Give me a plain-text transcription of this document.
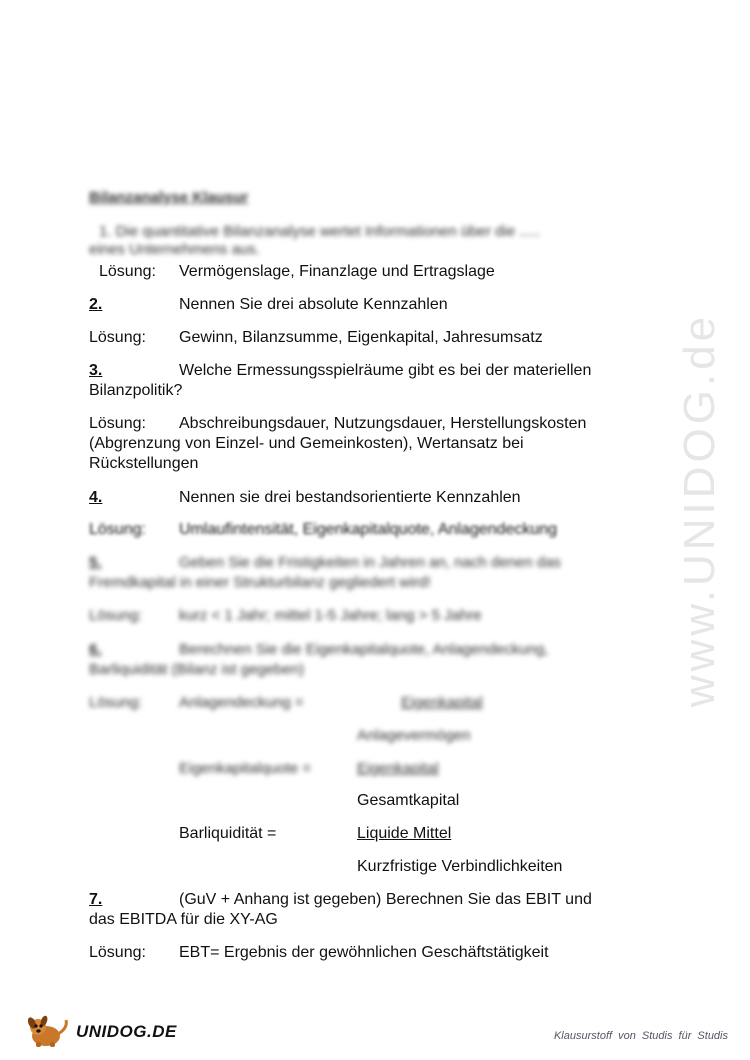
www.UNIDOG.de
Bilanzanalyse Klausur
1. Die quantitative Bilanzanalyse wertet Informationen über die .....
eines Unternehmens aus.
Lösung: Vermögenslage, Finanzlage und Ertragslage
2.	Nennen Sie drei absolute Kennzahlen
Lösung: Gewinn, Bilanzsumme, Eigenkapital, Jahresumsatz
3.	Welche Ermessungsspielräume gibt es bei der materiellen
Bilanzpolitik?
Lösung: Abschreibungsdauer, Nutzungsdauer, Herstellungskosten
(Abgrenzung von Einzel- und Gemeinkosten), Wertansatz bei
Rückstellungen
4.	Nennen sie drei bestandsorientierte Kennzahlen
Lösung: Umlaufintensität, Eigenkapitalquote, Anlagendeckung
5.	Geben Sie die Fristigkeiten in Jahren an, nach denen das
Fremdkapital in einer Strukturbilanz gegliedert wird!
Lösung: kurz < 1 Jahr; mittel 1-5 Jahre; lang > 5 Jahre
6.	Berechnen Sie die Eigenkapitalquote, Anlagendeckung,
Barliquidität (Bilanz ist gegeben)
Lösung: Anlagendeckung =	Eigenkapital
Anlagevermögen
Eigenkapitalquote =	Eigenkapital
Gesamtkapital
Barliquidität =	Liquide Mittel
Kurzfristige Verbindlichkeiten
7.	(GuV + Anhang ist gegeben) Berechnen Sie das EBIT und
das EBITDA für die XY-AG
Lösung: EBT= Ergebnis der gewöhnlichen Geschäftstätigkeit
UNIDOG.DE	Klausurstoff von Studis für Studis
